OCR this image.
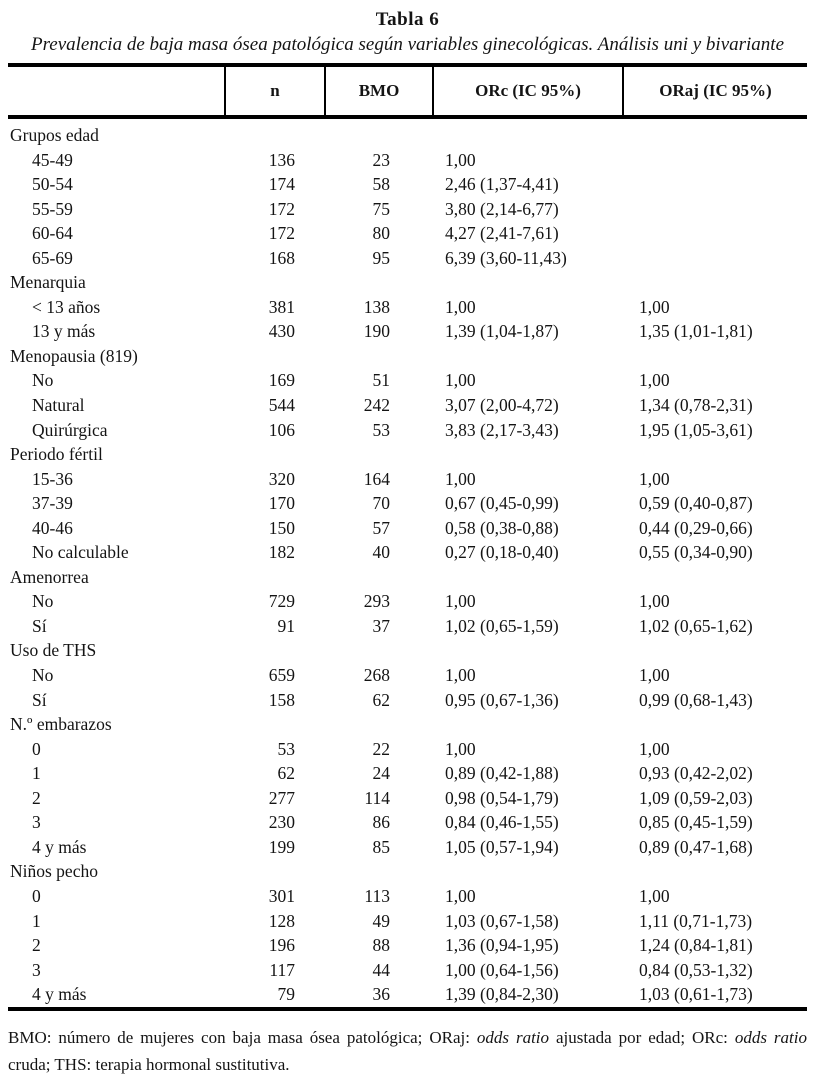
Tabla 6

Prevalencia de baja masa ósea patológica según variables ginecológicas. Análisis uni y bivariante

	n	BMO	ORc (IC 95%)	ORaj (IC 95%)
Grupos edad				
45-49	136	23	1,00	
50-54	174	58	2,46 (1,37-4,41)	
55-59	172	75	3,80 (2,14-6,77)	
60-64	172	80	4,27 (2,41-7,61)	
65-69	168	95	6,39 (3,60-11,43)	
Menarquia				
< 13 años	381	138	1,00	1,00
13 y más	430	190	1,39 (1,04-1,87)	1,35 (1,01-1,81)
Menopausia (819)				
No	169	51	1,00	1,00
Natural	544	242	3,07 (2,00-4,72)	1,34 (0,78-2,31)
Quirúrgica	106	53	3,83 (2,17-3,43)	1,95 (1,05-3,61)
Periodo fértil				
15-36	320	164	1,00	1,00
37-39	170	70	0,67 (0,45-0,99)	0,59 (0,40-0,87)
40-46	150	57	0,58 (0,38-0,88)	0,44 (0,29-0,66)
No calculable	182	40	0,27 (0,18-0,40)	0,55 (0,34-0,90)
Amenorrea				
No	729	293	1,00	1,00
Sí	91	37	1,02 (0,65-1,59)	1,02 (0,65-1,62)
Uso de THS				
No	659	268	1,00	1,00
Sí	158	62	0,95 (0,67-1,36)	0,99 (0,68-1,43)
N.º embarazos				
0	53	22	1,00	1,00
1	62	24	0,89 (0,42-1,88)	0,93 (0,42-2,02)
2	277	114	0,98 (0,54-1,79)	1,09 (0,59-2,03)
3	230	86	0,84 (0,46-1,55)	0,85 (0,45-1,59)
4 y más	199	85	1,05 (0,57-1,94)	0,89 (0,47-1,68)
Niños pecho				
0	301	113	1,00	1,00
1	128	49	1,03 (0,67-1,58)	1,11 (0,71-1,73)
2	196	88	1,36 (0,94-1,95)	1,24 (0,84-1,81)
3	117	44	1,00 (0,64-1,56)	0,84 (0,53-1,32)
4 y más	79	36	1,39 (0,84-2,30)	1,03 (0,61-1,73)

BMO: número de mujeres con baja masa ósea patológica; ORaj: odds ratio ajustada por edad; ORc: odds ratio cruda; THS: terapia hormonal sustitutiva.
